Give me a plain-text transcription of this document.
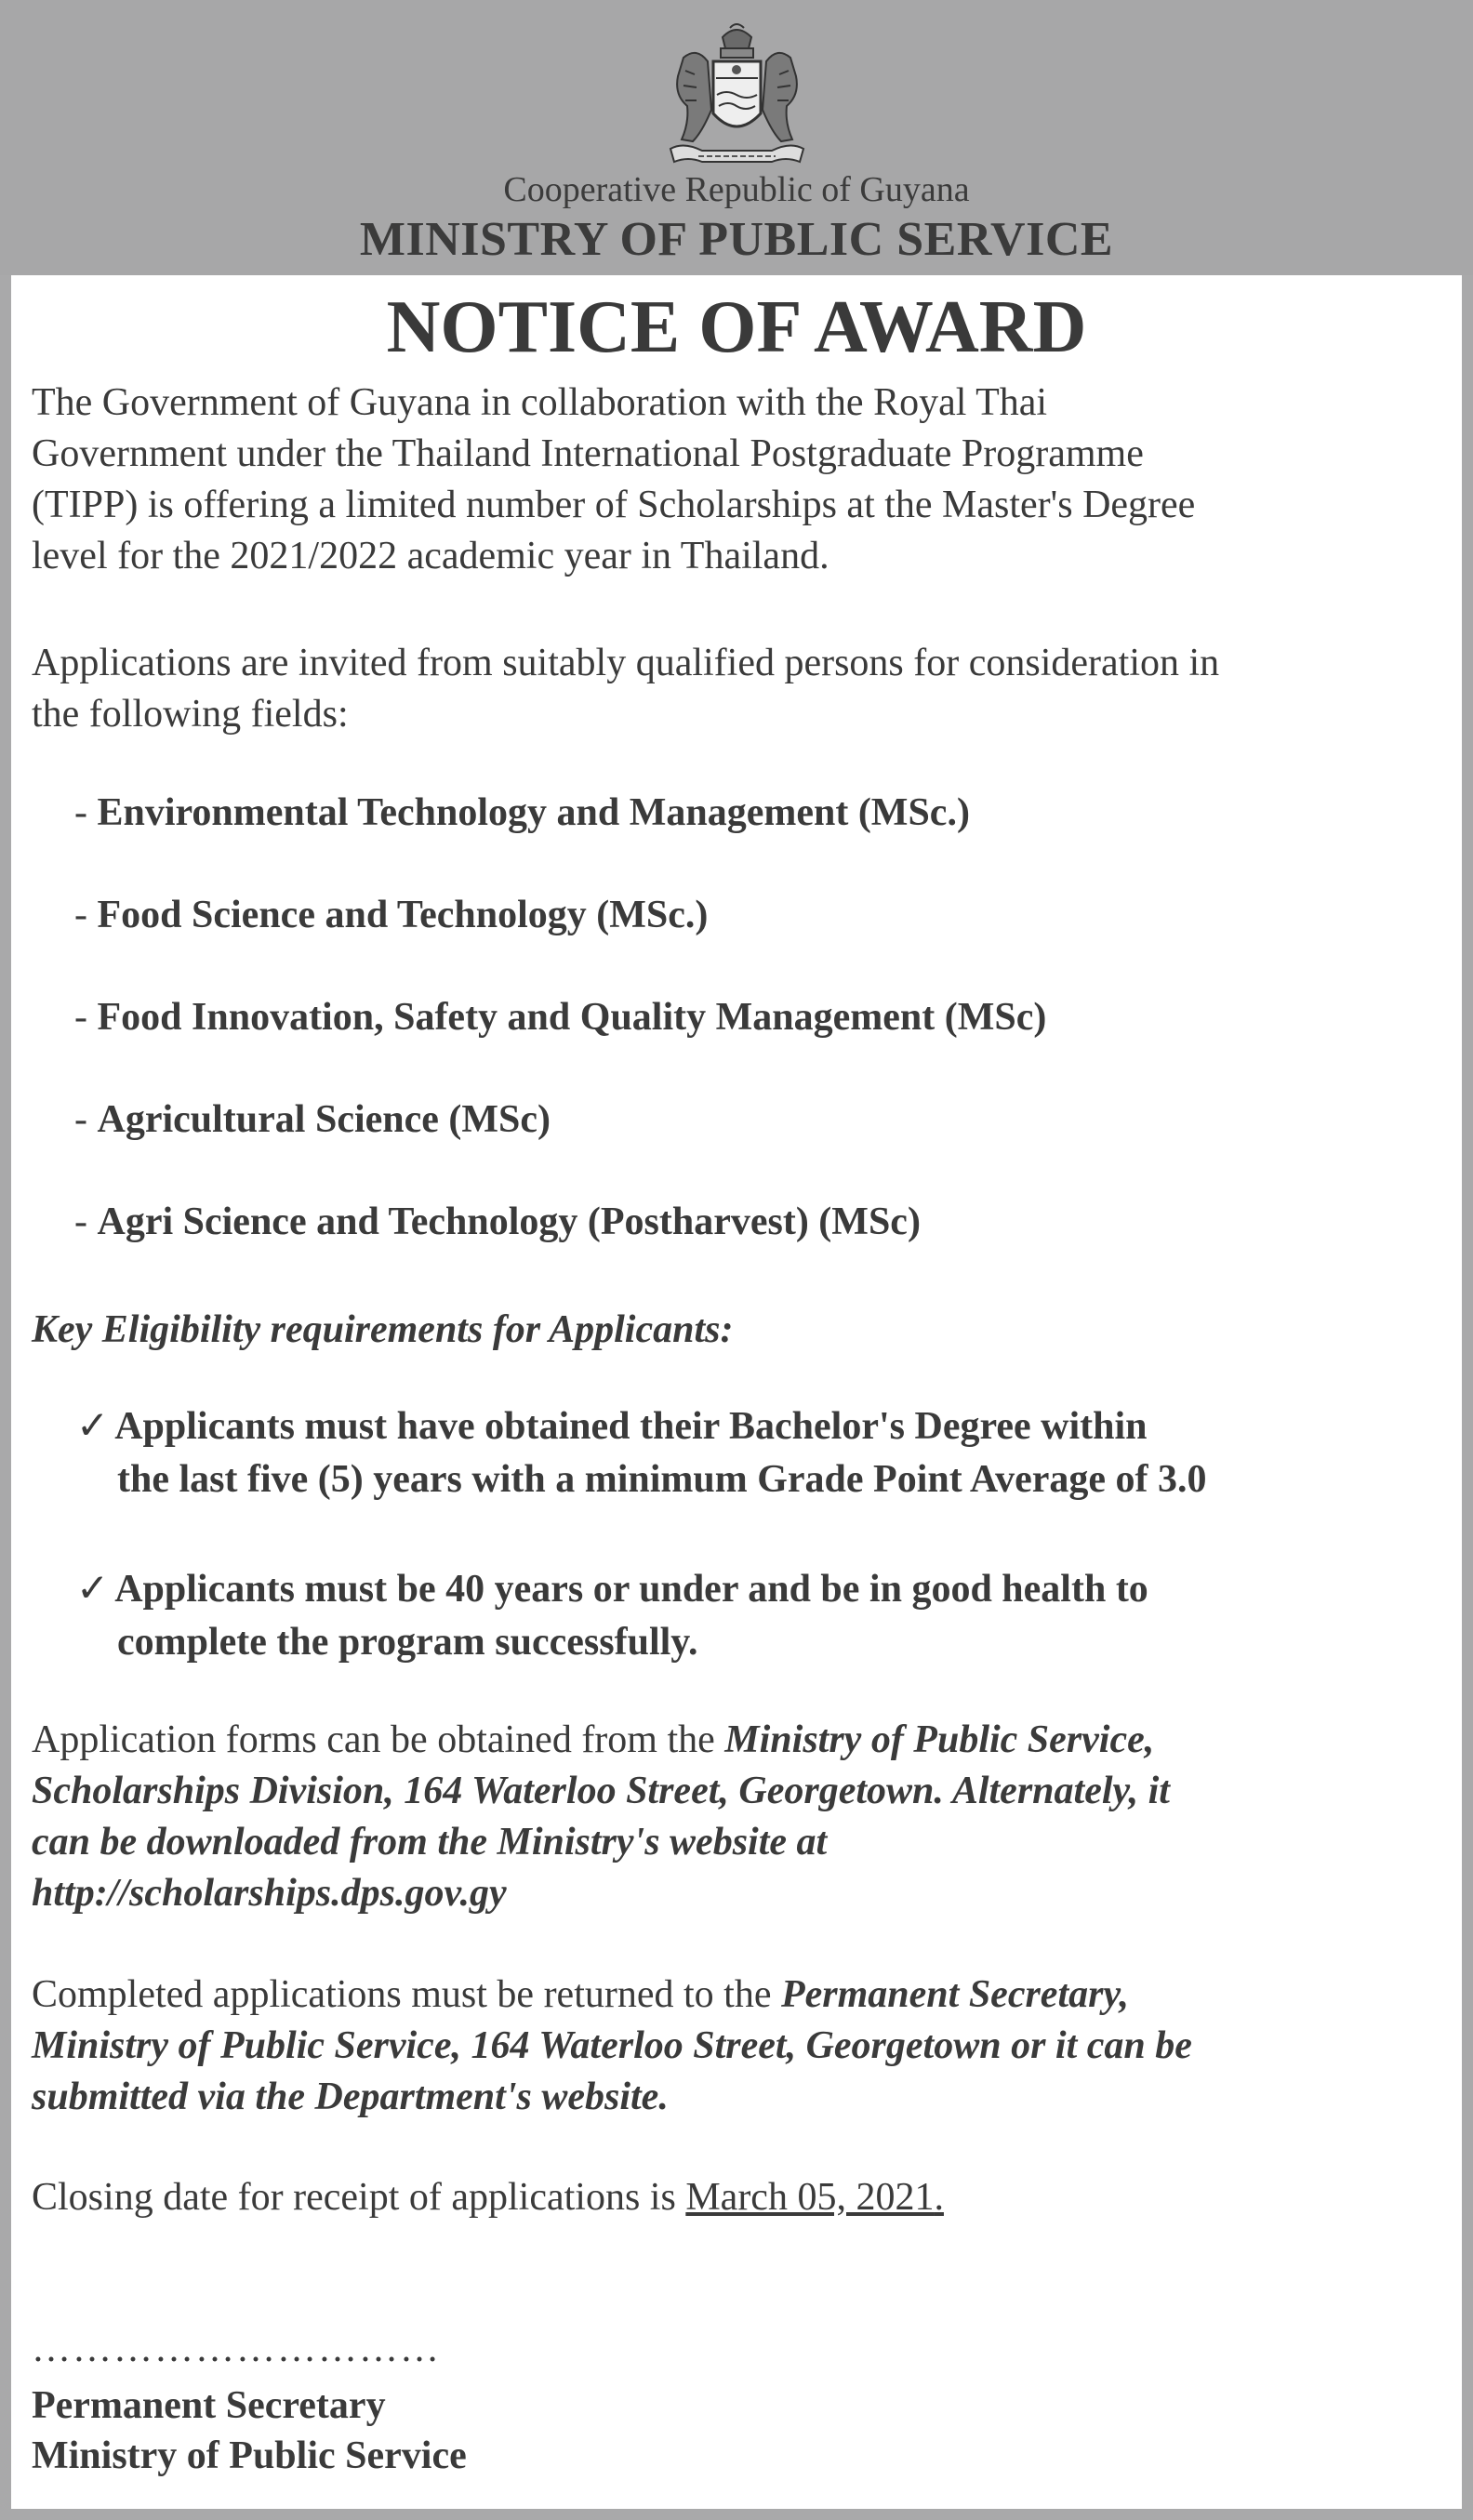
Cooperative Republic of Guyana
MINISTRY OF PUBLIC SERVICE
NOTICE OF AWARD
The Government of Guyana in collaboration with the Royal Thai
Government under the Thailand International Postgraduate Programme
(TIPP) is offering a limited number of Scholarships at the Master's Degree
level for the 2021/2022 academic year in Thailand.
Applications are invited from suitably qualified persons for consideration in
the following fields:
- Environmental Technology and Management (MSc.)
- Food Science and Technology (MSc.)
- Food Innovation, Safety and Quality Management (MSc)
- Agricultural Science (MSc)
- Agri Science and Technology (Postharvest) (MSc)
Key Eligibility requirements for Applicants:
✓ Applicants must have obtained their Bachelor's Degree within
the last five (5) years with a minimum Grade Point Average of 3.0
✓ Applicants must be 40 years or under and be in good health to
complete the program successfully.
Application forms can be obtained from the Ministry of Public Service,
Scholarships Division, 164 Waterloo Street, Georgetown. Alternately, it
can be downloaded from the Ministry's website at
http://scholarships.dps.gov.gy
Completed applications must be returned to the Permanent Secretary,
Ministry of Public Service, 164 Waterloo Street, Georgetown or it can be
submitted via the Department's website.
Closing date for receipt of applications is March 05, 2021.
…………………………
Permanent Secretary
Ministry of Public Service
